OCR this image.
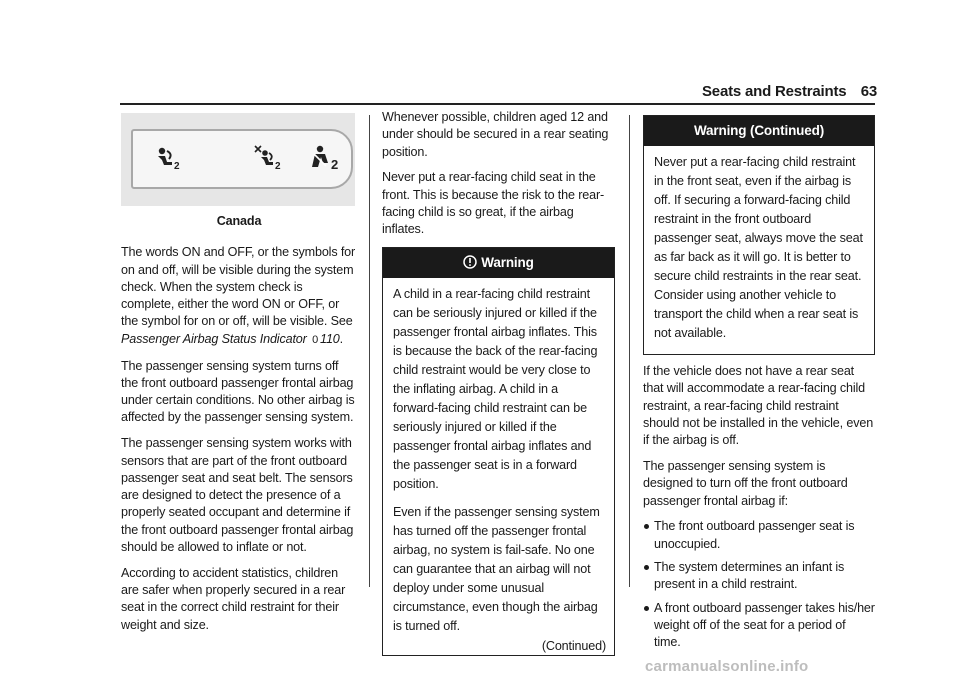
Seats and Restraints 63
2	2	2
Canada

The words ON and OFF, or the symbols for on and off, will be visible during the system check. When the system check is complete, either the word ON or OFF, or the symbol for on or off, will be visible. See Passenger Airbag Status Indicator 0 110.

The passenger sensing system turns off the front outboard passenger frontal airbag under certain conditions. No other airbag is affected by the passenger sensing system.

The passenger sensing system works with sensors that are part of the front outboard passenger seat and seat belt. The sensors are designed to detect the presence of a properly seated occupant and determine if the front outboard passenger frontal airbag should be allowed to inflate or not.

According to accident statistics, children are safer when properly secured in a rear seat in the correct child restraint for their weight and size.

Whenever possible, children aged 12 and under should be secured in a rear seating position.

Never put a rear-facing child seat in the front. This is because the risk to the rear-facing child is so great, if the airbag inflates.

Warning

A child in a rear-facing child restraint can be seriously injured or killed if the passenger frontal airbag inflates. This is because the back of the rear-facing child restraint would be very close to the inflating airbag. A child in a forward-facing child restraint can be seriously injured or killed if the passenger frontal airbag inflates and the passenger seat is in a forward position.

Even if the passenger sensing system has turned off the passenger frontal airbag, no system is fail-safe. No one can guarantee that an airbag will not deploy under some unusual circumstance, even though the airbag is turned off.

(Continued)
Warning (Continued)

Never put a rear-facing child restraint in the front seat, even if the airbag is off. If securing a forward-facing child restraint in the front outboard passenger seat, always move the seat as far back as it will go. It is better to secure child restraints in the rear seat. Consider using another vehicle to transport the child when a rear seat is not available.

If the vehicle does not have a rear seat that will accommodate a rear-facing child restraint, a rear-facing child restraint should not be installed in the vehicle, even if the airbag is off.

The passenger sensing system is designed to turn off the front outboard passenger frontal airbag if:

The front outboard passenger seat is unoccupied.
The system determines an infant is present in a child restraint.
A front outboard passenger takes his/her weight off of the seat for a period of time.
carmanualsonline.info
